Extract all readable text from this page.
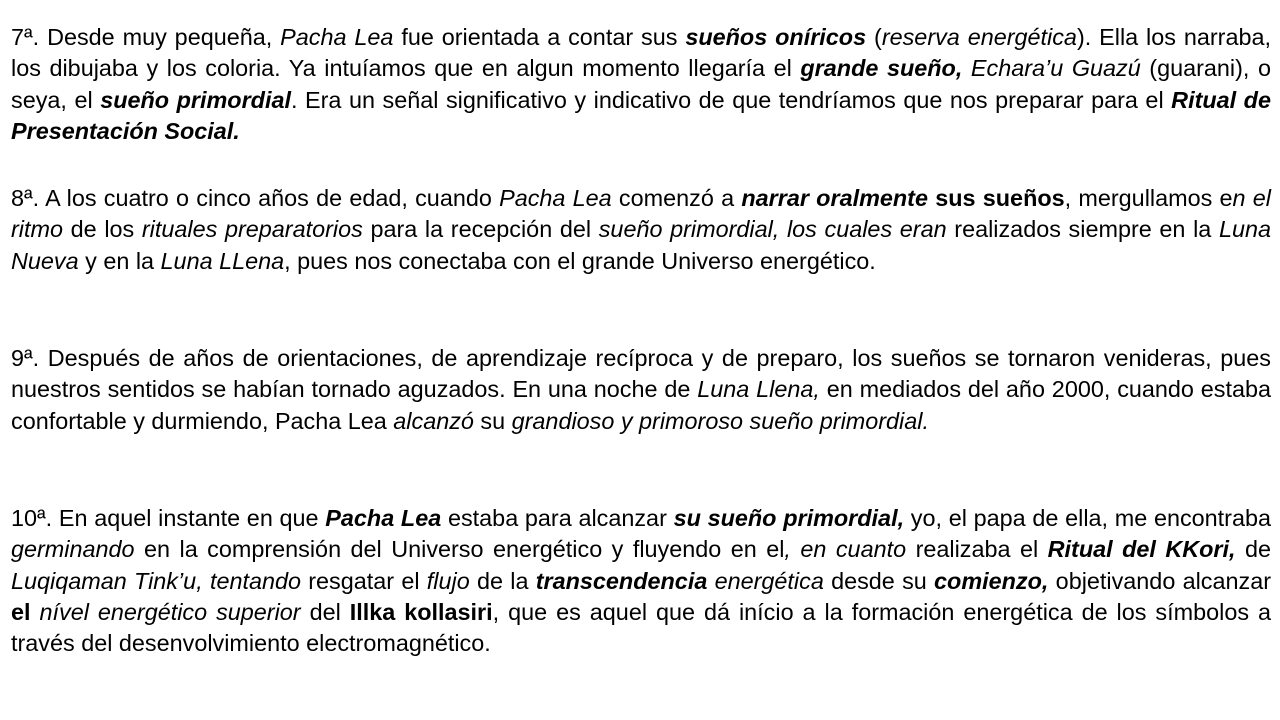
7ª. Desde muy pequeña, Pacha Lea fue orientada a contar sus sueños oníricos (reserva energética). Ella los narraba, los dibujaba y los coloria. Ya intuíamos que en algun momento llegaría el grande sueño, Echara’u Guazú (guarani), o seya, el sueño primordial. Era un señal significativo y indicativo de que tendríamos que nos preparar para el Ritual de Presentación Social.

8ª. A los cuatro o cinco años de edad, cuando Pacha Lea comenzó a narrar oralmente sus sueños, mergullamos en el ritmo de los rituales preparatorios para la recepción del sueño primordial, los cuales eran realizados siempre en la Luna Nueva y en la Luna LLena, pues nos conectaba con el grande Universo energético.

9ª. Después de años de orientaciones, de aprendizaje recíproca y de preparo, los sueños se tornaron venideras, pues nuestros sentidos se habían tornado aguzados. En una noche de Luna Llena, en mediados del año 2000, cuando estaba confortable y durmiendo, Pacha Lea alcanzó su grandioso y primoroso sueño primordial.

10ª. En aquel instante en que Pacha Lea estaba para alcanzar su sueño primordial, yo, el papa de ella, me encontraba germinando en la comprensión del Universo energético y fluyendo en el, en cuanto realizaba el Ritual del KKori, de Luqiqaman Tink’u, tentando resgatar el flujo de la transcendencia energética desde su comienzo, objetivando alcanzar el nível energético superior del Illka kollasiri, que es aquel que dá início a la formación energética de los símbolos a través del desenvolvimiento electromagnético.
